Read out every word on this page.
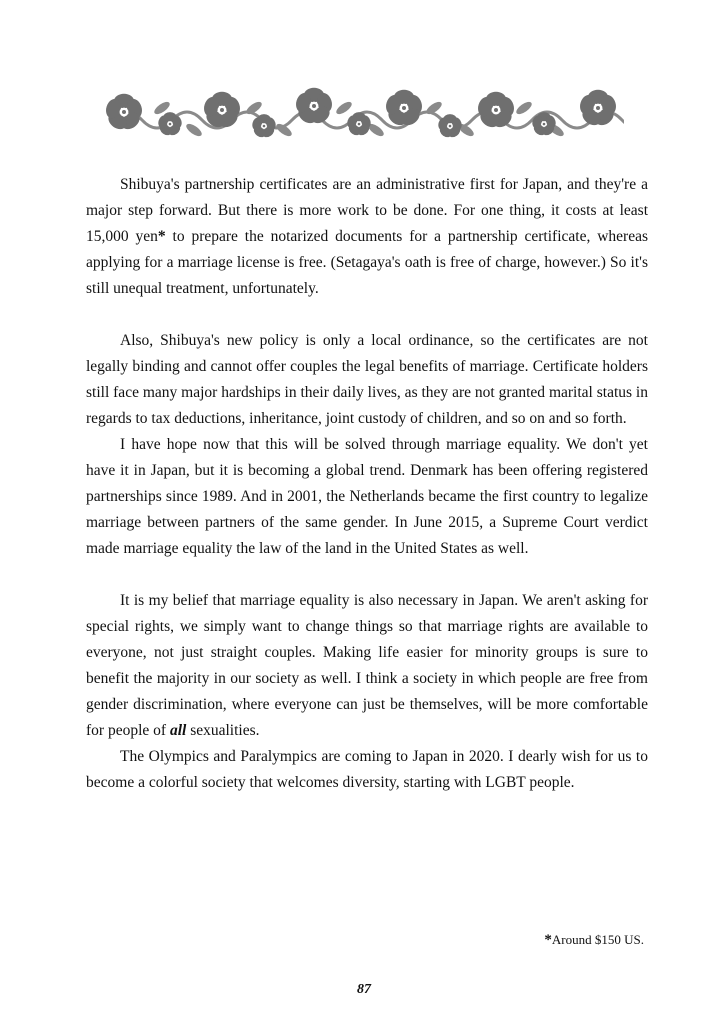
Shibuya's partnership certificates are an administrative first for Japan, and they're a major step forward. But there is more work to be done. For one thing, it costs at least 15,000 yen* to prepare the notarized documents for a partnership certificate, whereas applying for a marriage license is free. (Setagaya's oath is free of charge, however.) So it's still unequal treatment, unfortunately.

Also, Shibuya's new policy is only a local ordinance, so the certificates are not legally binding and cannot offer couples the legal benefits of marriage. Certificate holders still face many major hardships in their daily lives, as they are not granted marital status in regards to tax deductions, inheritance, joint custody of children, and so on and so forth.

I have hope now that this will be solved through marriage equality. We don't yet have it in Japan, but it is becoming a global trend. Denmark has been offering registered partnerships since 1989. And in 2001, the Netherlands became the first country to legalize marriage between partners of the same gender. In June 2015, a Supreme Court verdict made marriage equality the law of the land in the United States as well.

It is my belief that marriage equality is also necessary in Japan. We aren't asking for special rights, we simply want to change things so that marriage rights are available to everyone, not just straight couples. Making life easier for minority groups is sure to benefit the majority in our society as well. I think a society in which people are free from gender discrimination, where everyone can just be themselves, will be more comfortable for people of all sexualities.

The Olympics and Paralympics are coming to Japan in 2020. I dearly wish for us to become a colorful society that welcomes diversity, starting with LGBT people.

*Around $150 US.
87
